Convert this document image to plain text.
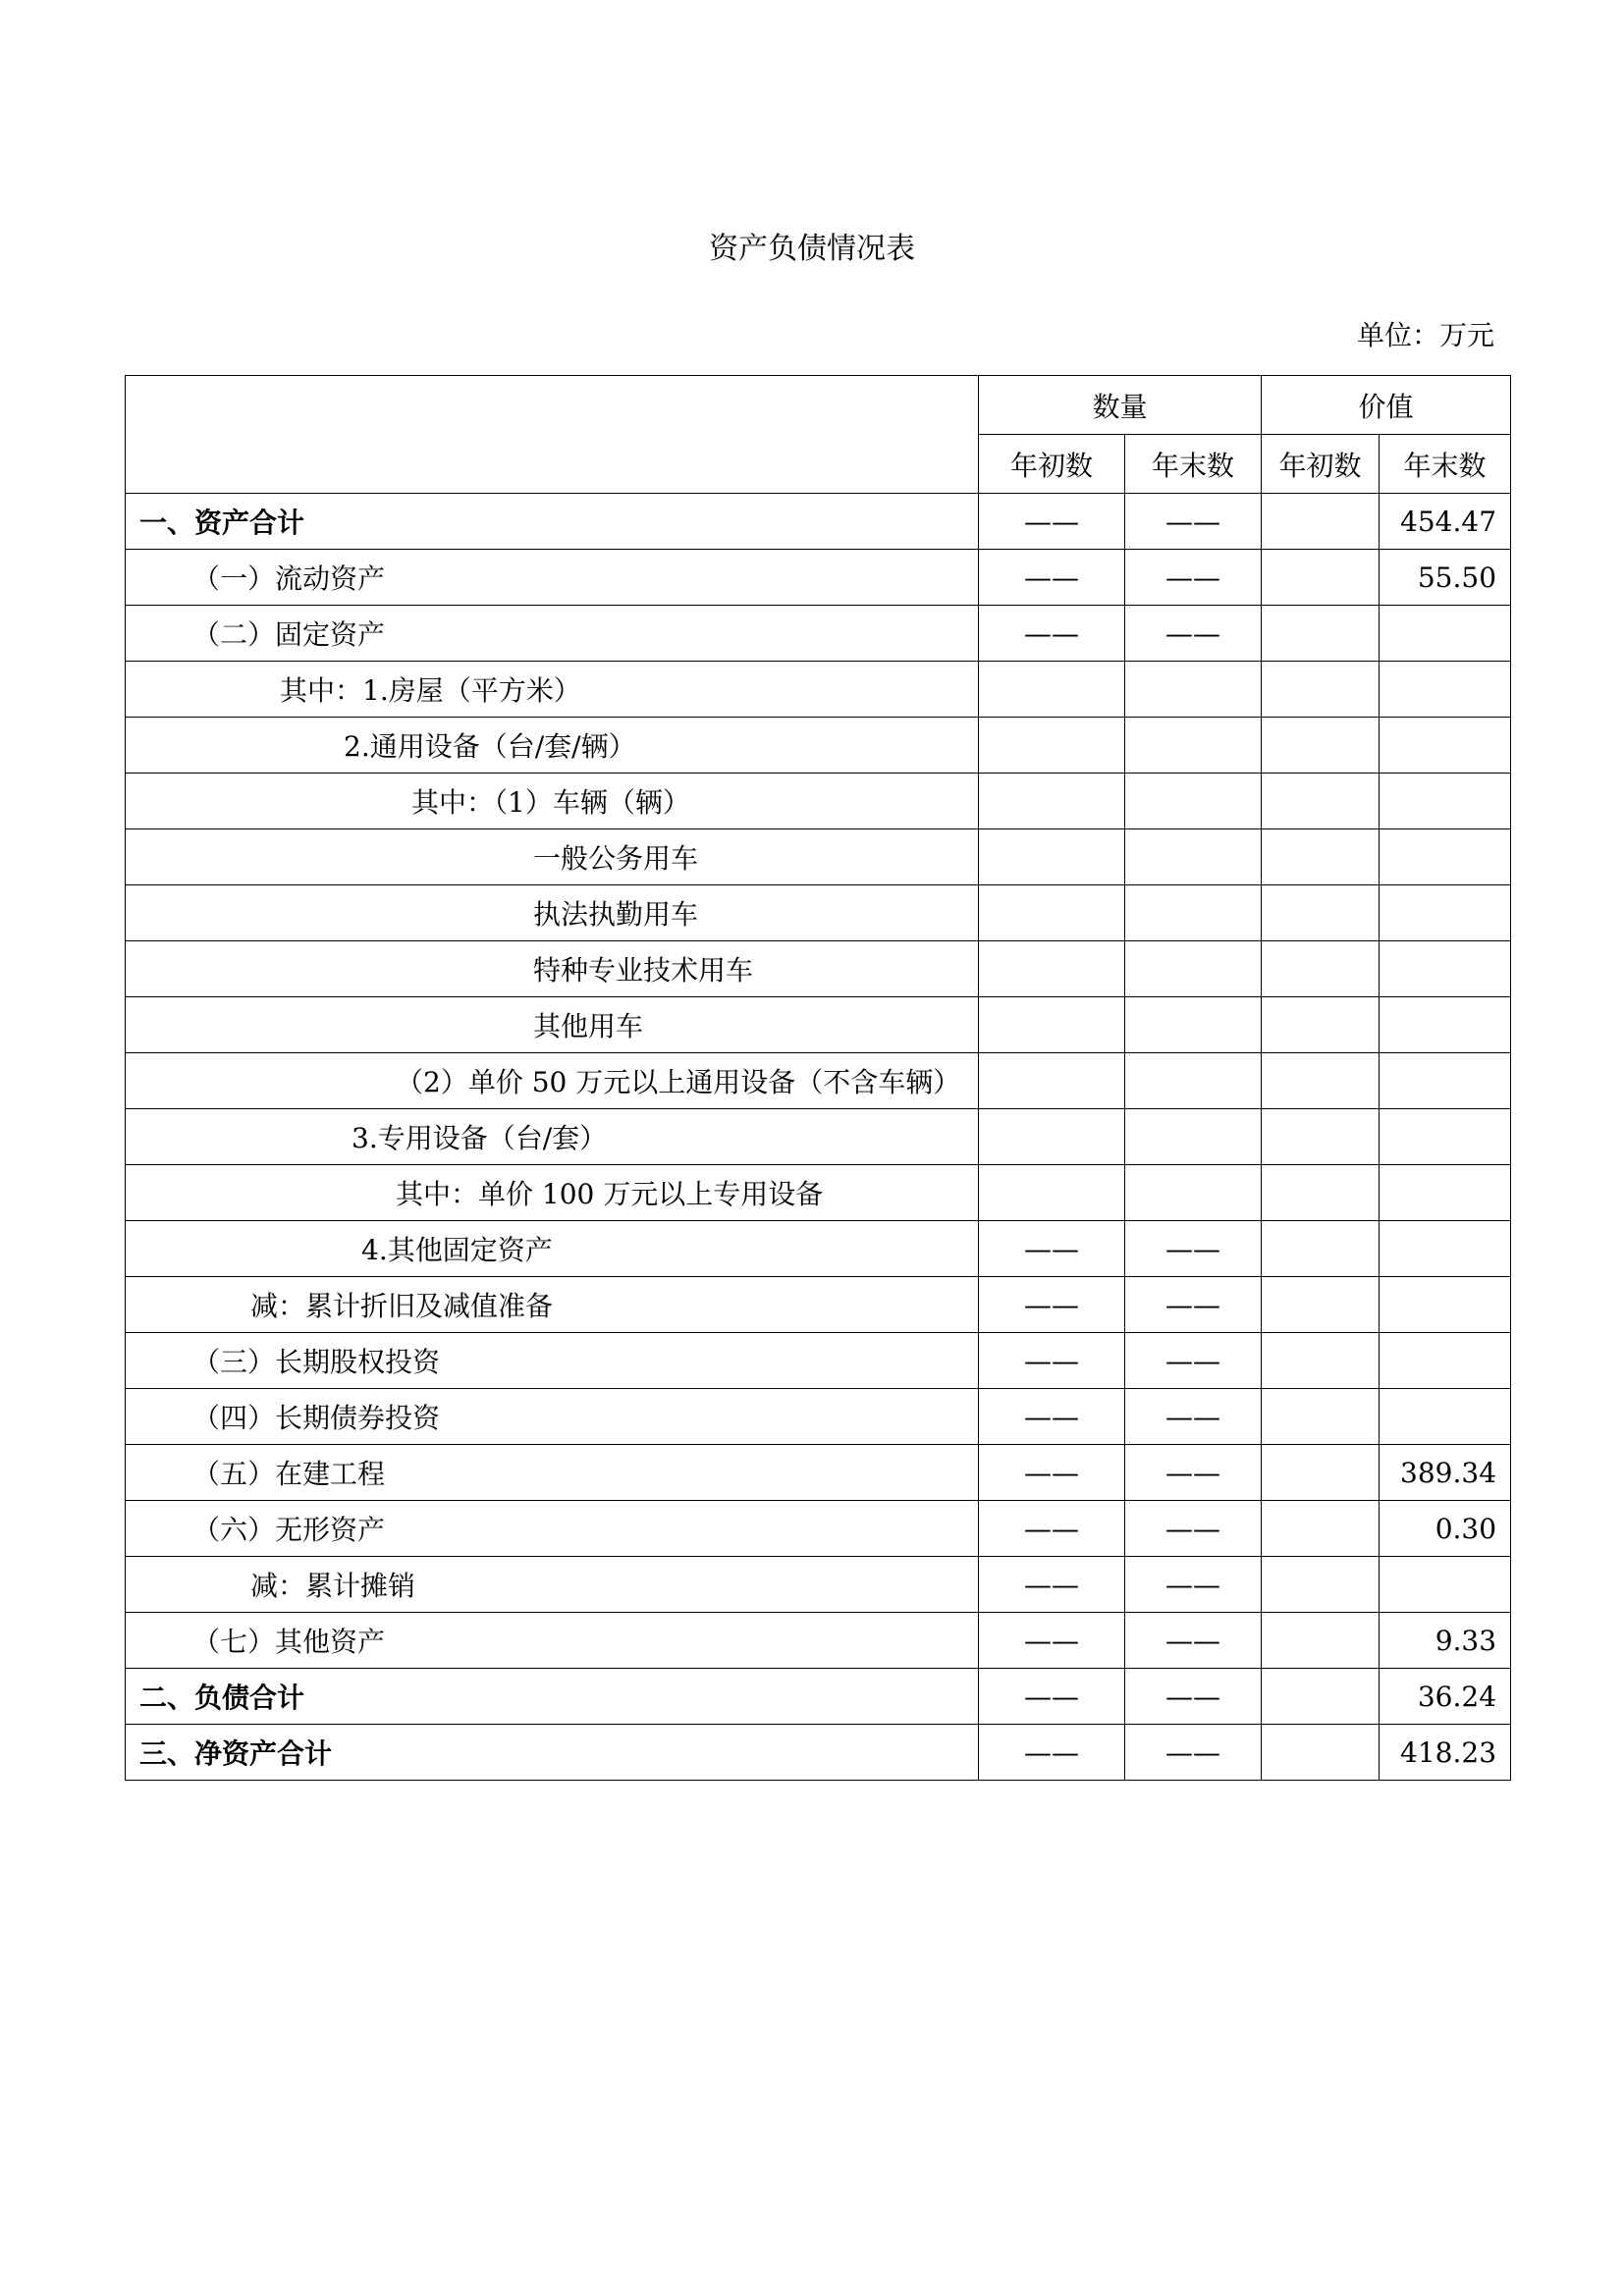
资产负债情况表
单位：万元
	数量		价值	
	年初数	年末数	年初数	年末数
一、资产合计	——	——		454.47
（一）流动资产	——	——		55.50
（二）固定资产	——	——		
其中：1.房屋（平方米）				
2.通用设备（台/套/辆）				
其中：（1）车辆（辆）				
一般公务用车				
执法执勤用车				
特种专业技术用车				
其他用车				
（2）单价 50 万元以上通用设备（不含车辆）				
3.专用设备（台/套）				
其中：单价 100 万元以上专用设备				
4.其他固定资产	——	——		
减：累计折旧及减值准备	——	——		
（三）长期股权投资	——	——		
（四）长期债券投资	——	——		
（五）在建工程	——	——		389.34
（六）无形资产	——	——		0.30
减：累计摊销	——	——		
（七）其他资产	——	——		9.33
二、负债合计	——	——		36.24
三、净资产合计	——	——		418.23
